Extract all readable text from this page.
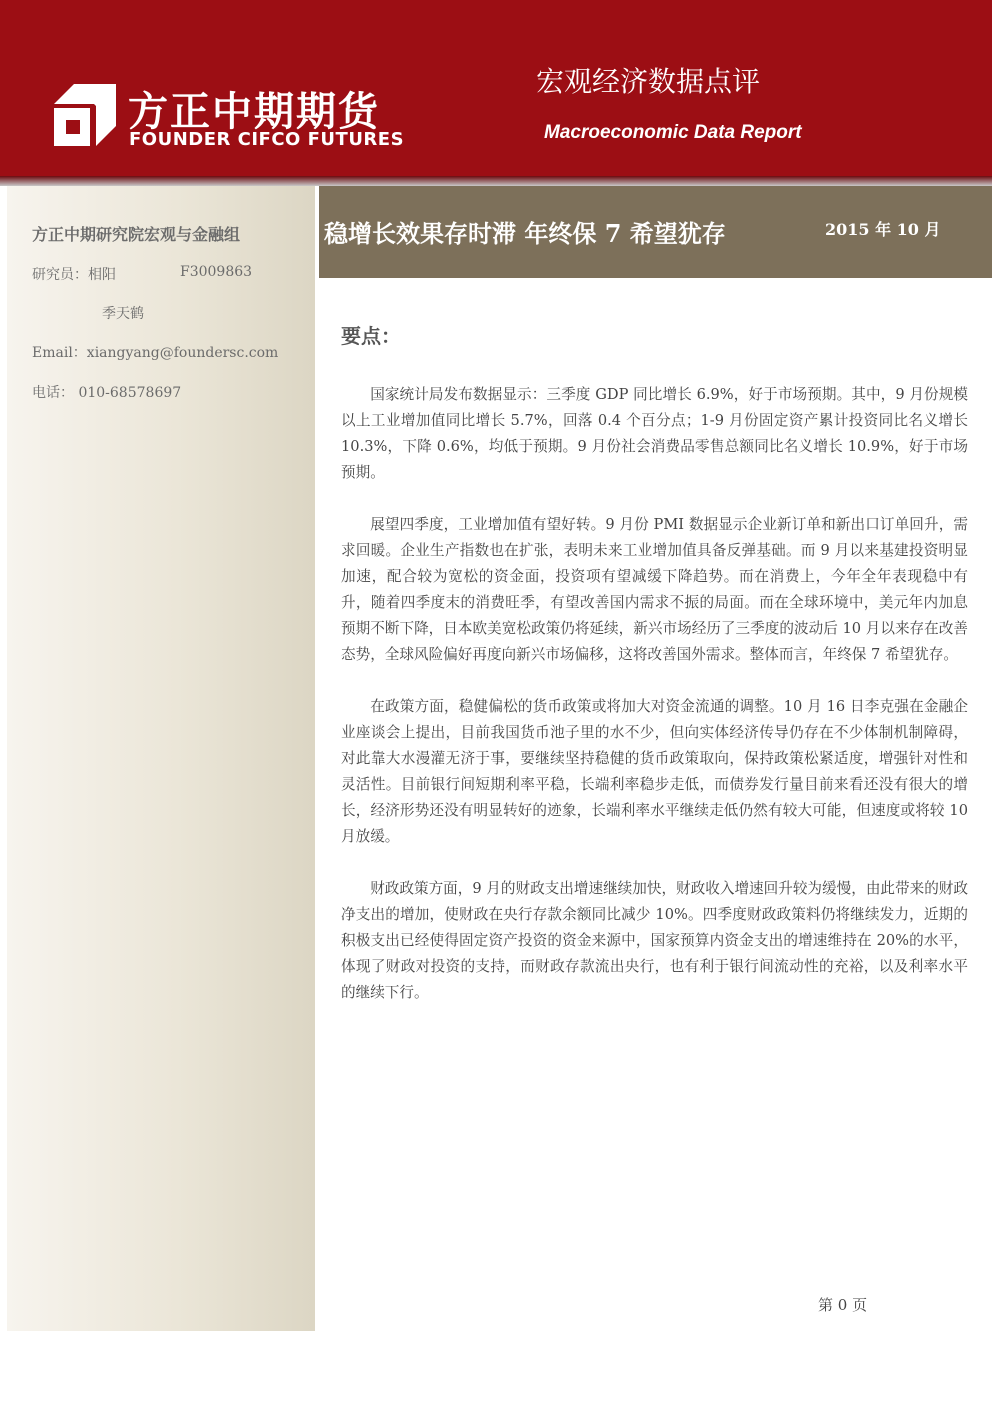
方正中期期货
FOUNDER CIFCO FUTURES
宏观经济数据点评
Macroeconomic Data Report
方正中期研究院宏观与金融组
研究员：相阳	F3009863
季天鹤
Email：xiangyang@foundersc.com
电话： 010-68578697
稳增长效果存时滞 年终保 7 希望犹存	2015 年 10 月
要点：

国家统计局发布数据显示：三季度 GDP 同比增长 6.9%，好于市场预期。其中，9 月份规模以上工业增加值同比增长 5.7%，回落 0.4 个百分点；1-9 月份固定资产累计投资同比名义增长 10.3%，下降 0.6%，均低于预期。9 月份社会消费品零售总额同比名义增长 10.9%，好于市场预期。

展望四季度，工业增加值有望好转。9 月份 PMI 数据显示企业新订单和新出口订单回升，需求回暖。企业生产指数也在扩张，表明未来工业增加值具备反弹基础。而 9 月以来基建投资明显加速，配合较为宽松的资金面，投资项有望减缓下降趋势。而在消费上，今年全年表现稳中有升，随着四季度末的消费旺季，有望改善国内需求不振的局面。而在全球环境中，美元年内加息预期不断下降，日本欧美宽松政策仍将延续，新兴市场经历了三季度的波动后 10 月以来存在改善态势，全球风险偏好再度向新兴市场偏移，这将改善国外需求。整体而言，年终保 7 希望犹存。

在政策方面，稳健偏松的货币政策或将加大对资金流通的调整。10 月 16 日李克强在金融企业座谈会上提出，目前我国货币池子里的水不少，但向实体经济传导仍存在不少体制机制障碍，对此靠大水漫灌无济于事，要继续坚持稳健的货币政策取向，保持政策松紧适度，增强针对性和灵活性。目前银行间短期利率平稳，长端利率稳步走低，而债券发行量目前来看还没有很大的增长，经济形势还没有明显转好的迹象，长端利率水平继续走低仍然有较大可能，但速度或将较 10 月放缓。

财政政策方面，9 月的财政支出增速继续加快，财政收入增速回升较为缓慢，由此带来的财政净支出的增加，使财政在央行存款余额同比减少 10%。四季度财政政策料仍将继续发力，近期的积极支出已经使得固定资产投资的资金来源中，国家预算内资金支出的增速维持在 20%的水平，体现了财政对投资的支持，而财政存款流出央行，也有利于银行间流动性的充裕，以及利率水平的继续下行。

第 0 页
